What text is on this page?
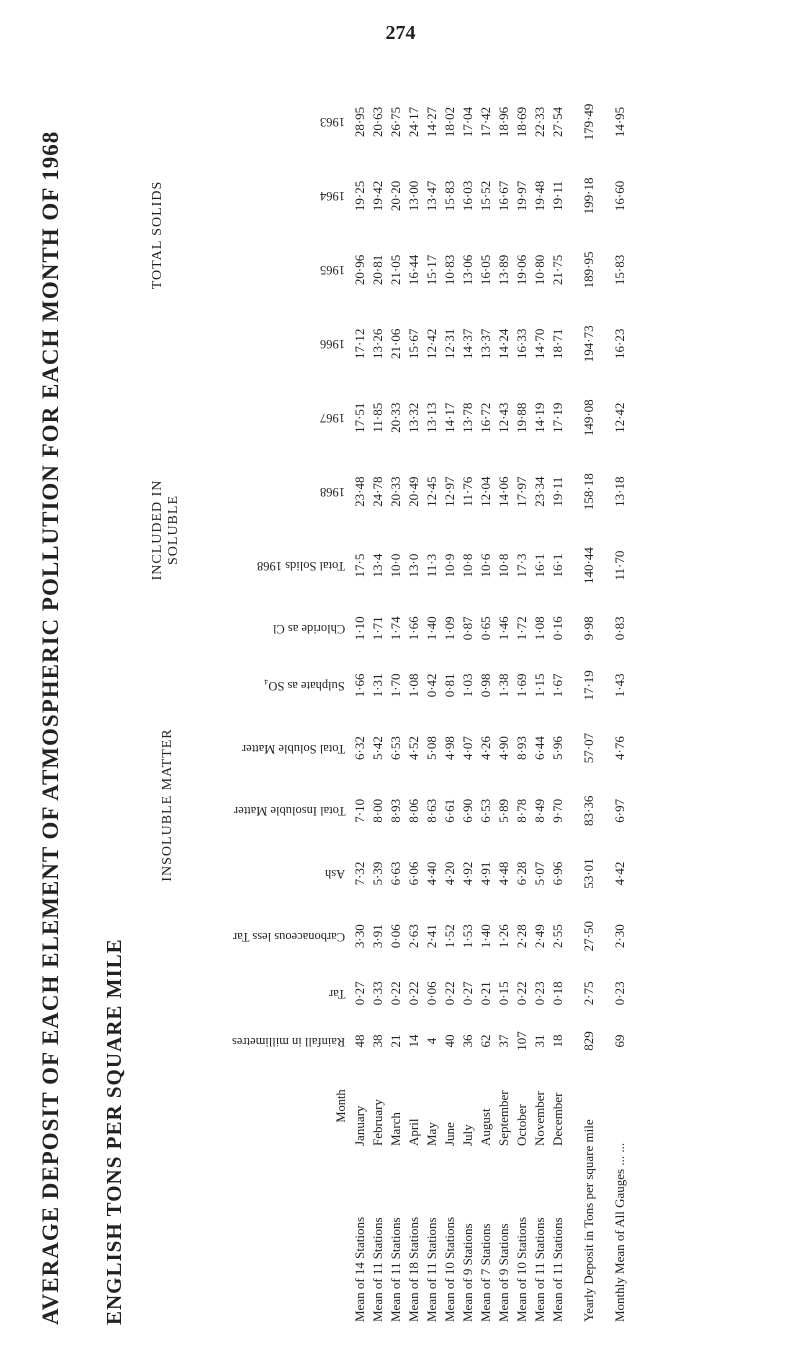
274
AVERAGE DEPOSIT OF EACH ELEMENT OF ATMOSPHERIC POLLUTION FOR EACH MONTH OF 1968 ENGLISH TONS PER SQUARE MILE
INSOLUBLE MATTER
INCLUDED IN SOLUBLE
TOTAL SOLIDS
	Month	Rainfall in millimetres	Tar	Carbonaceous less Tar	Ash	Total Insoluble Matter	Total Soluble Matter	Sulphate as SO₄	Chloride as Cl	Total Solids 1968	1968	1967	1966	1965	1964	1963
Mean of 14 Stations	January	48	0·27	3·30	7·32	7·10	6·32	1·66	1·10	17·5	23·48	17·51	17·12	20·96	19·25	28·95
Mean of 11 Stations	February	38	0·33	3·91	5·39	8·00	5·42	1·31	1·71	13·4	24·78	11·85	13·26	20·81	19·42	20·63
Mean of 11 Stations	March	21	0·22	0·06	6·63	8·93	6·53	1·70	1·74	10·0	20·33	20·33	21·06	21·05	20·20	26·75
Mean of 18 Stations	April	14	0·22	2·63	6·06	8·06	4·52	1·08	1·66	13·0	20·49	13·32	15·67	16·44	13·00	24·17
Mean of 11 Stations	May	4	0·06	2·41	4·40	8·63	5·08	0·42	1·40	11·3	12·45	13·13	12·42	15·17	13·47	14·27
Mean of 10 Stations	June	40	0·22	1·52	4·20	6·61	4·98	0·81	1·09	10·9	12·97	14·17	12·31	10·83	15·83	18·02
Mean of 9 Stations	July	36	0·27	1·53	4·92	6·90	4·07	1·03	0·87	10·8	11·76	13·78	14·37	13·06	16·03	17·04
Mean of 7 Stations	August	62	0·21	1·40	4·91	6·53	4·26	0·98	0·65	10·6	12·04	16·72	13·37	16·05	15·52	17·42
Mean of 9 Stations	September	37	0·15	1·26	4·48	5·89	4·90	1·38	1·46	10·8	14·06	12·43	14·24	13·89	16·67	18·96
Mean of 10 Stations	October	107	0·22	2·28	6·28	8·78	8·93	1·69	1·72	17·3	17·97	19·88	16·33	19·06	19·97	18·69
Mean of 11 Stations	November	31	0·23	2·49	5·07	8·49	6·44	1·15	1·08	16·1	23·34	14·19	14·70	10·80	19·48	22·33
Mean of 11 Stations	December	18	0·18	2·55	6·96	9·70	5·96	1·67	0·16	16·1	19·11	17·19	18·71	21·75	19·11	27·54
Yearly Deposit in Tons per square mile		829	2·75	27·50	53·01	83·36	57·07	17·19	9·98	140·44	158·18	149·08	194·73	189·95	199·18	179·49
Monthly Mean of All Gauges ... ...		69	0·23	2·30	4·42	6·97	4·76	1·43	0·83	11·70	13·18	12·42	16·23	15·83	16·60	14·95
